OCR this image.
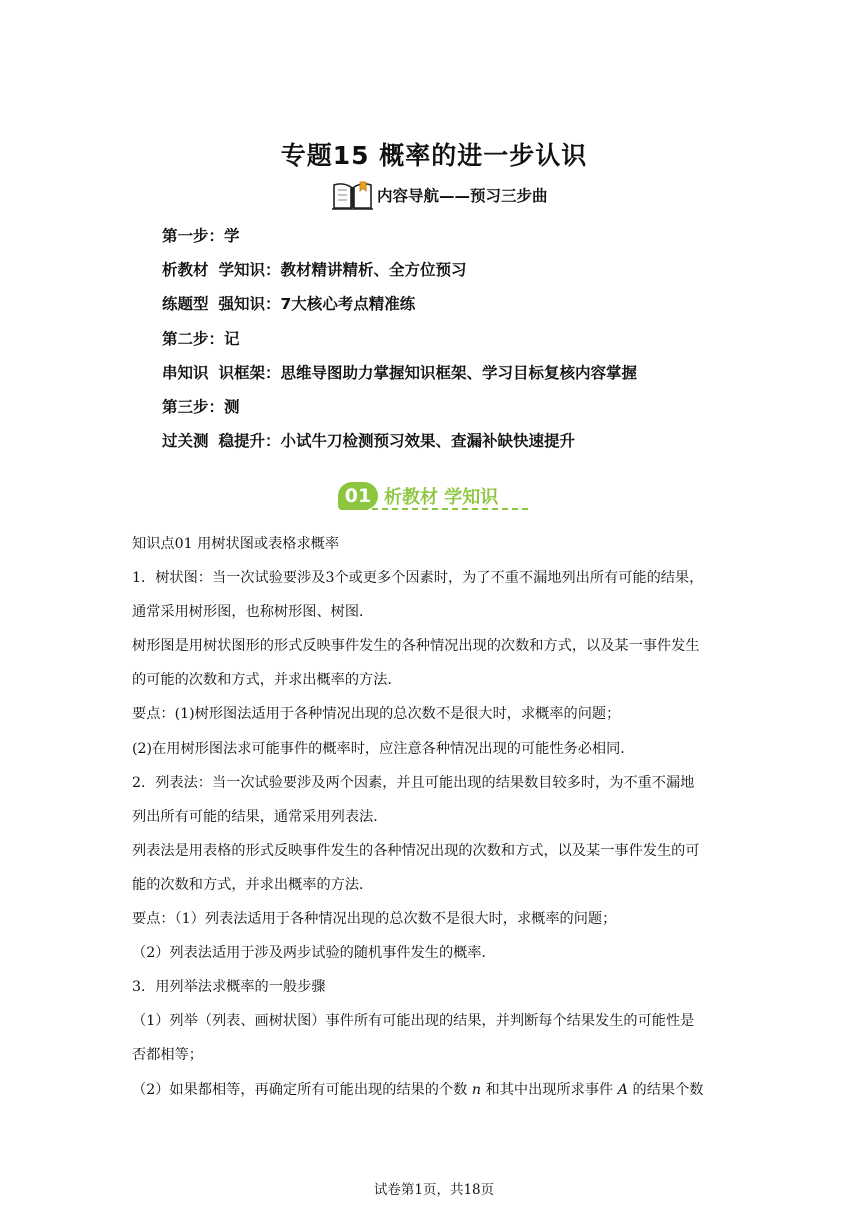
专题15 概率的进一步认识
内容导航——预习三步曲
第一步：学
析教材 学知识：教材精讲精析、全方位预习
练题型 强知识：7大核心考点精准练
第二步：记
串知识 识框架：思维导图助力掌握知识框架、学习目标复核内容掌握
第三步：测
过关测 稳提升：小试牛刀检测预习效果、查漏补缺快速提升
01 析教材 学知识
知识点01 用树状图或表格求概率
1．树状图：当一次试验要涉及3个或更多个因素时，为了不重不漏地列出所有可能的结果，
通常采用树形图，也称树形图、树图．
树形图是用树状图形的形式反映事件发生的各种情况出现的次数和方式，以及某一事件发生
的可能的次数和方式，并求出概率的方法．
要点：(1)树形图法适用于各种情况出现的总次数不是很大时，求概率的问题；
(2)在用树形图法求可能事件的概率时，应注意各种情况出现的可能性务必相同．
2．列表法：当一次试验要涉及两个因素，并且可能出现的结果数目较多时，为不重不漏地
列出所有可能的结果，通常采用列表法．
列表法是用表格的形式反映事件发生的各种情况出现的次数和方式，以及某一事件发生的可
能的次数和方式，并求出概率的方法．
要点：（1）列表法适用于各种情况出现的总次数不是很大时，求概率的问题；
（2）列表法适用于涉及两步试验的随机事件发生的概率．
3．用列举法求概率的一般步骤
（1）列举（列表、画树状图）事件所有可能出现的结果，并判断每个结果发生的可能性是
否都相等；
（2）如果都相等，再确定所有可能出现的结果的个数 n 和其中出现所求事件 A 的结果个数
试卷第1页，共18页
